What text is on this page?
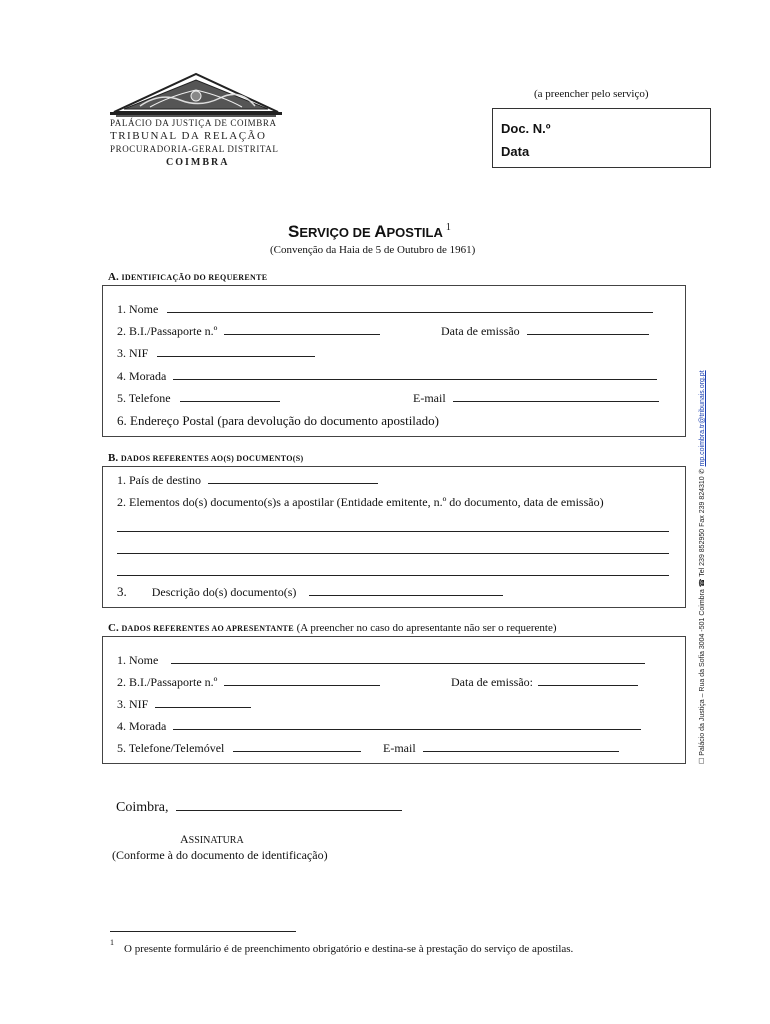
PALÁCIO DA JUSTIÇA DE COIMBRA
TRIBUNAL DA RELAÇÃO
PROCURADORIA-GERAL DISTRITAL
COIMBRA
(a preencher pelo serviço)
Doc. N.º
Data
SERVIÇO DE APOSTILA $^1$
(Convenção da Haia de 5 de Outubro de 1961)
A. IDENTIFICAÇÃO DO REQUERENTE
1. Nome
2. B.I./Passaporte n.º	Data de emissão
3. NIF
4. Morada
5. Telefone	E-mail
6. Endereço Postal (para devolução do documento apostilado)
B. DADOS REFERENTES AO(S) DOCUMENTO(S)
1. País de destino
2. Elementos do(s) documento(s)s a apostilar (Entidade emitente, n.º do documento, data de emissão)
3. Descrição do(s) documento(s)
C. DADOS REFERENTES AO APRESENTANTE (A preencher no caso do apresentante não ser o requerente)
1. Nome
2. B.I./Passaporte n.º	Data de emissão:
3. NIF
4. Morada
5. Telefone/Telemóvel	E-mail
Coimbra,
ASSINATURA
(Conforme à do documento de identificação)
1
O presente formulário é de preenchimento obrigatório e destina-se à prestação do serviço de apostilas.
☐ Palácio da Justiça – Rua da Sofia 3004 -501 Coimbra ☎ Tel 239 852950 Fax 239 824310 ✆ mp.coimbra.tr@tribunais.org.pt
